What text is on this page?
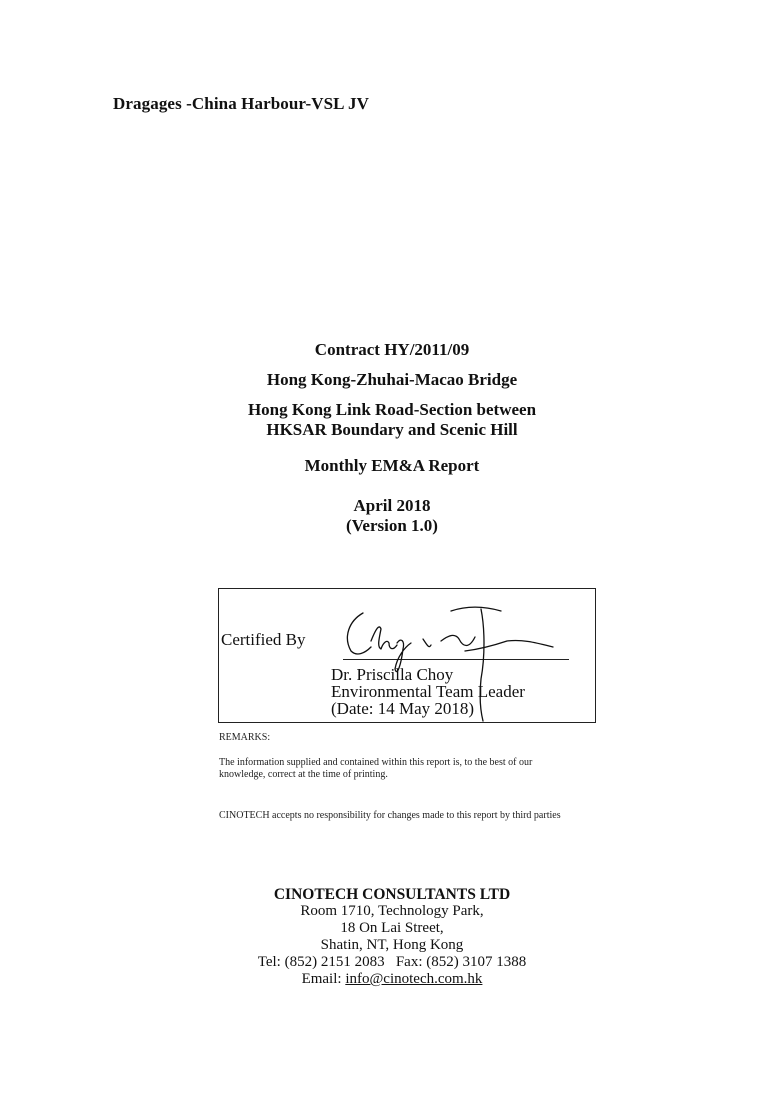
Dragages -China Harbour-VSL JV
Contract HY/2011/09
Hong Kong-Zhuhai-Macao Bridge
Hong Kong Link Road-Section between
HKSAR Boundary and Scenic Hill
Monthly EM&A Report
April 2018
(Version 1.0)
Certified By
Dr. Priscilla Choy
Environmental Team Leader
(Date: 14 May 2018)
REMARKS:
The information supplied and contained within this report is, to the best of our
knowledge, correct at the time of printing.
CINOTECH accepts no responsibility for changes made to this report by third parties
CINOTECH CONSULTANTS LTD
Room 1710, Technology Park,
18 On Lai Street,
Shatin, NT, Hong Kong
Tel: (852) 2151 2083   Fax: (852) 3107 1388
Email: info@cinotech.com.hk
